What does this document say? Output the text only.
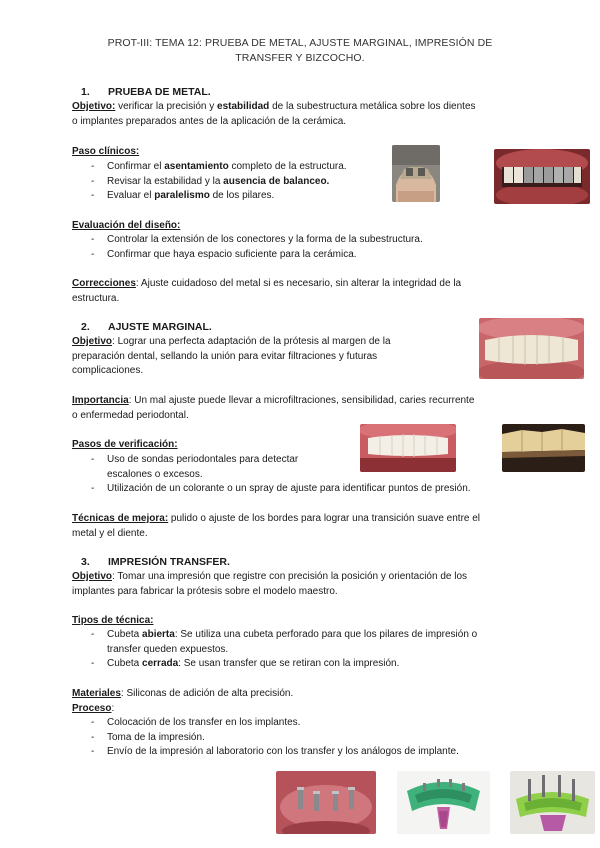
PROT-III: TEMA 12: PRUEBA DE METAL, AJUSTE MARGINAL, IMPRESIÓN DE
TRANSFER Y BIZCOCHO.
1. PRUEBA DE METAL.
Objetivo: verificar la precisión y estabilidad de la subestructura metálica sobre los dientes
o implantes preparados antes de la aplicación de la cerámica.
Paso clínicos:
- Confirmar el asentamiento completo de la estructura.
- Revisar la estabilidad y la ausencia de balanceo.
- Evaluar el paralelismo de los pilares.
Evaluación del diseño:
- Controlar la extensión de los conectores y la forma de la subestructura.
- Confirmar que haya espacio suficiente para la cerámica.
Correcciones: Ajuste cuidadoso del metal si es necesario, sin alterar la integridad de la
estructura.
2. AJUSTE MARGINAL.
Objetivo: Lograr una perfecta adaptación de la prótesis al margen de la
preparación dental, sellando la unión para evitar filtraciones y futuras
complicaciones.
Importancia: Un mal ajuste puede llevar a microfiltraciones, sensibilidad, caries recurrente
o enfermedad periodontal.
Pasos de verificación:
- Uso de sondas periodontales para detectar
escalones o excesos.
- Utilización de un colorante o un spray de ajuste para identificar puntos de presión.
Técnicas de mejora: pulido o ajuste de los bordes para lograr una transición suave entre el
metal y el diente.
3. IMPRESIÓN TRANSFER.
Objetivo: Tomar una impresión que registre con precisión la posición y orientación de los
implantes para fabricar la prótesis sobre el modelo maestro.
Tipos de técnica:
- Cubeta abierta: Se utiliza una cubeta perforado para que los pilares de impresión o
transfer queden expuestos.
- Cubeta cerrada: Se usan transfer que se retiran con la impresión.
Materiales: Siliconas de adición de alta precisión.
Proceso:
- Colocación de los transfer en los implantes.
- Toma de la impresión.
- Envío de la impresión al laboratorio con los transfer y los análogos de implante.
